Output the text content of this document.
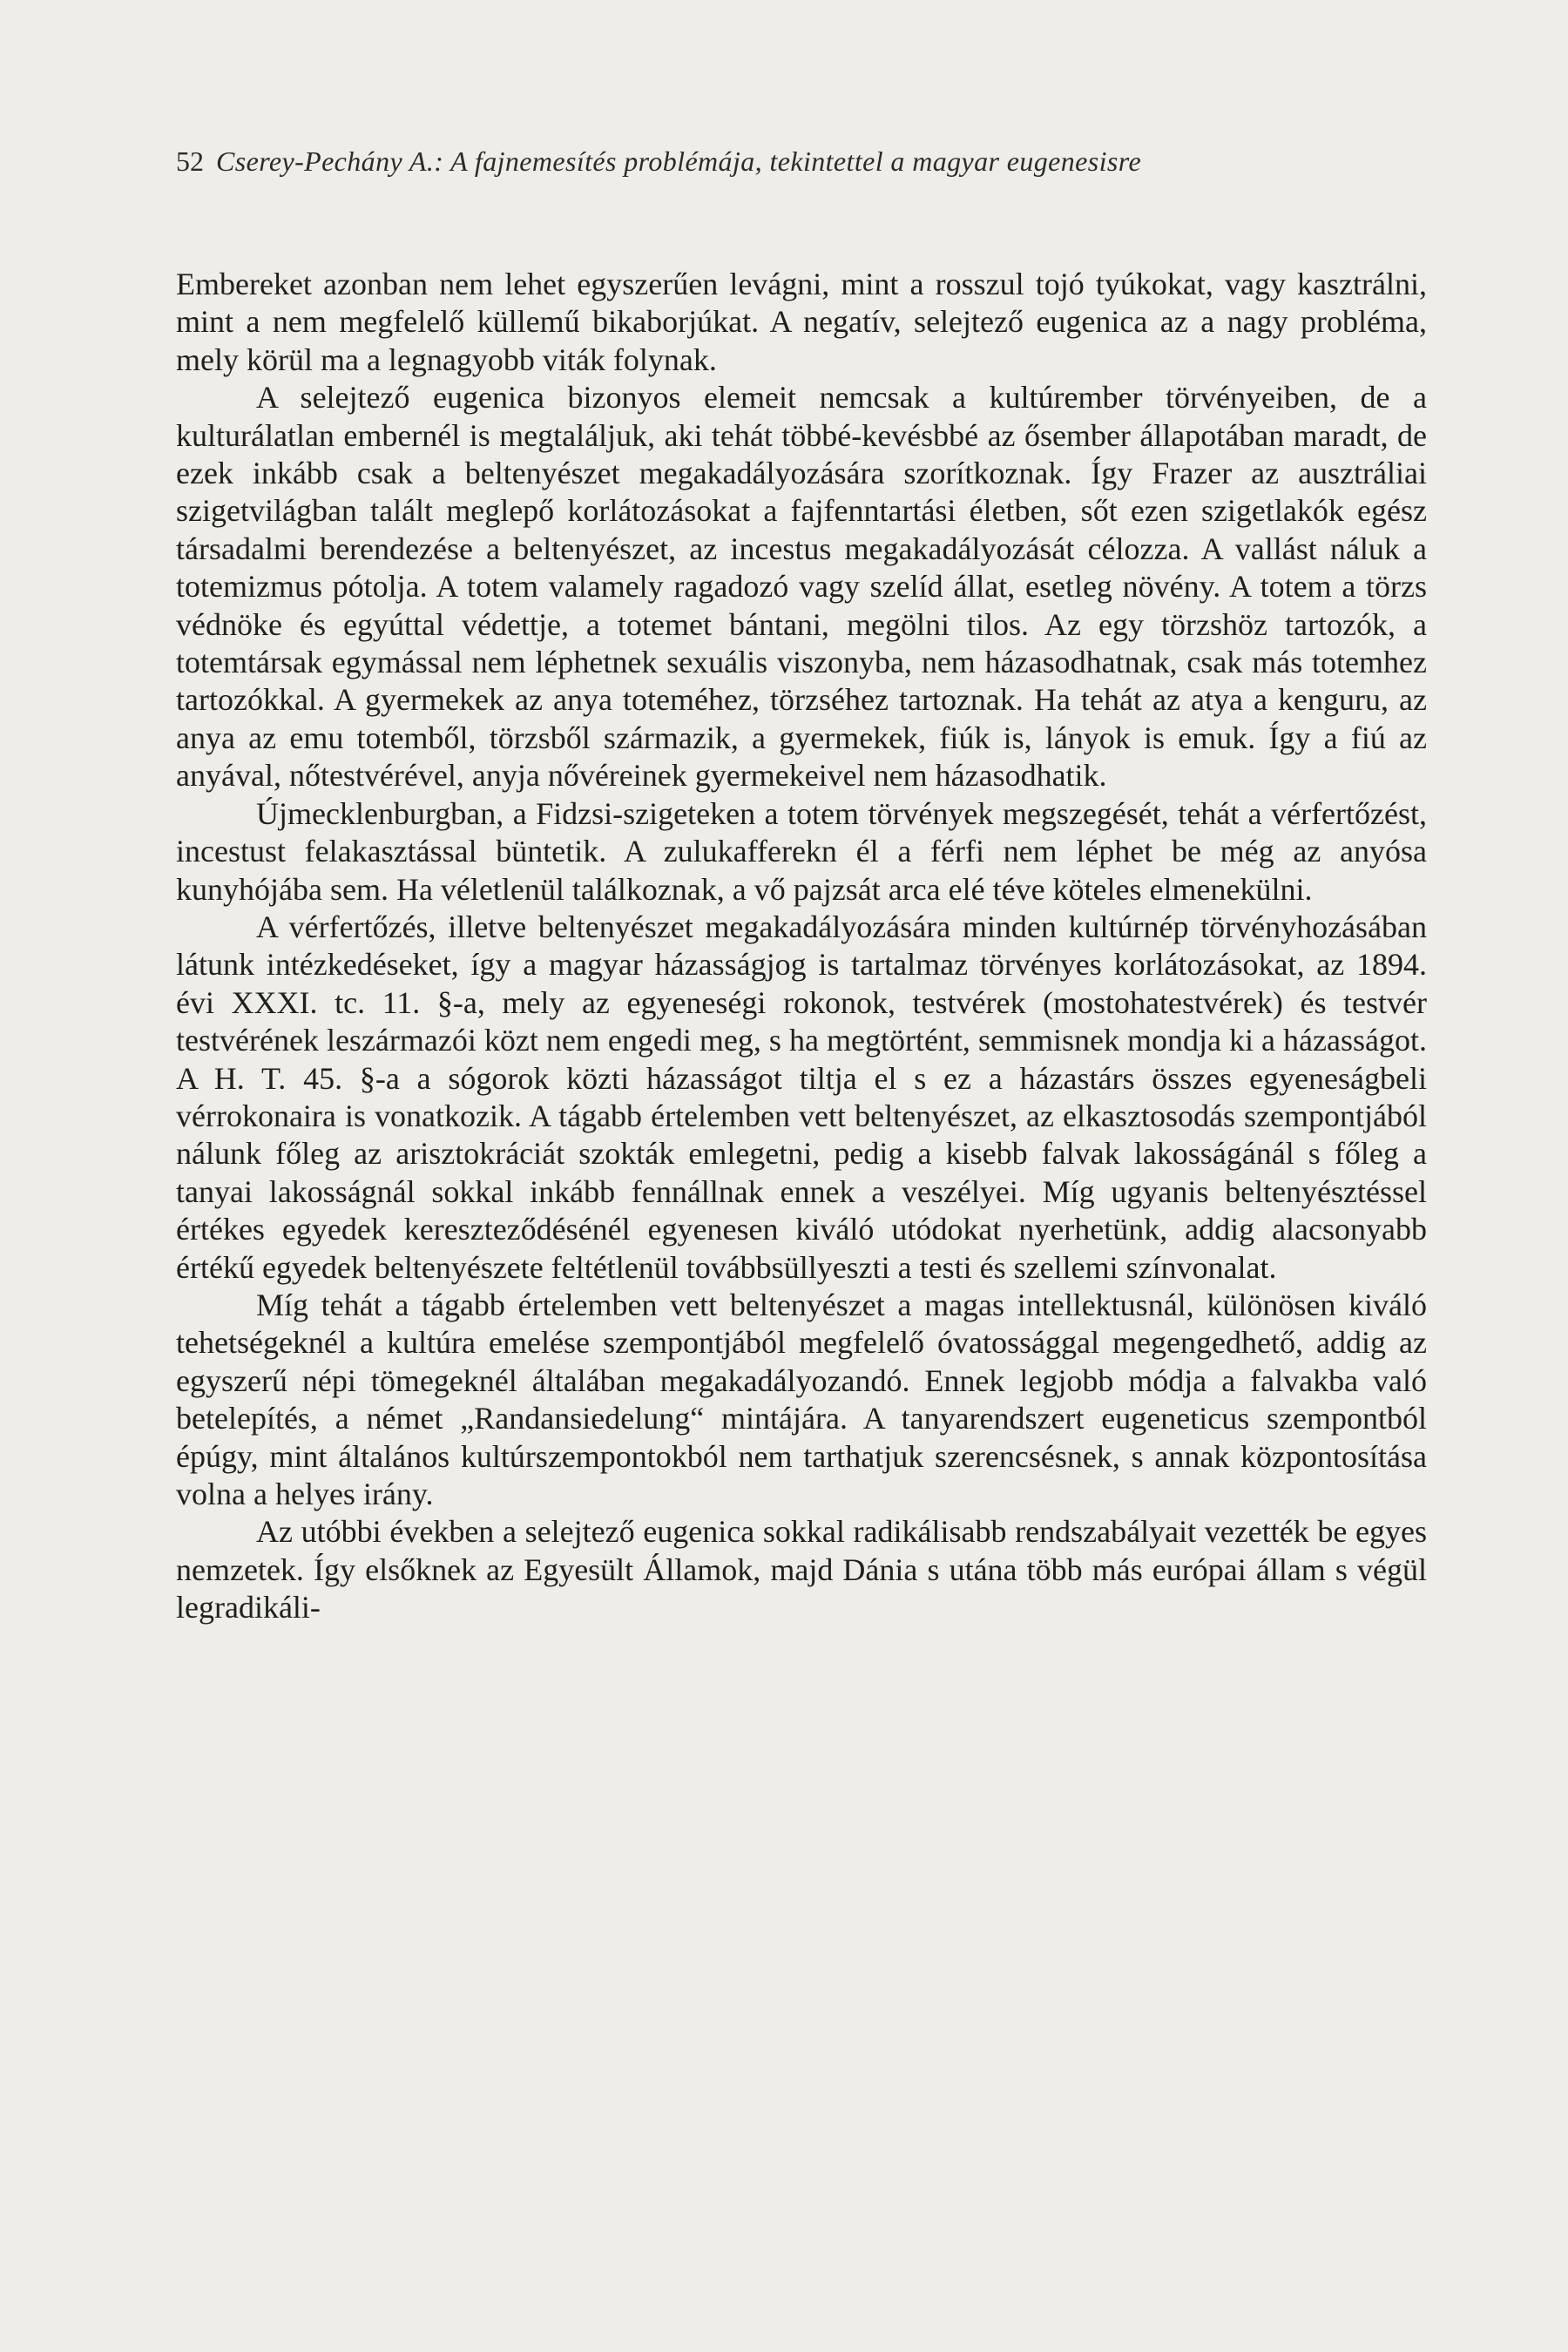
52 Cserey-Pechány A.: A fajnemesítés problémája, tekintettel a magyar eugenesisre

Embereket azonban nem lehet egyszerűen levágni, mint a rosszul tojó tyúkokat, vagy kasztrálni, mint a nem megfelelő küllemű bikaborjúkat. A negatív, selejtező eugenica az a nagy probléma, mely körül ma a legnagyobb viták folynak.

A selejtező eugenica bizonyos elemeit nemcsak a kultúrember törvényeiben, de a kulturálatlan embernél is megtaláljuk, aki tehát többé-kevésbbé az ősember állapotában maradt, de ezek inkább csak a beltenyészet megakadályozására szorítkoznak. Így Frazer az ausztráliai szigetvilágban talált meglepő korlátozásokat a fajfenntartási életben, sőt ezen szigetlakók egész társadalmi berendezése a beltenyészet, az incestus megakadályozását célozza. A vallást náluk a totemizmus pótolja. A totem valamely ragadozó vagy szelíd állat, esetleg növény. A totem a törzs védnöke és egyúttal védettje, a totemet bántani, megölni tilos. Az egy törzshöz tartozók, a totemtársak egymással nem léphetnek sexuális viszonyba, nem házasodhatnak, csak más totemhez tartozókkal. A gyermekek az anya toteméhez, törzséhez tartoznak. Ha tehát az atya a kenguru, az anya az emu totemből, törzsből származik, a gyermekek, fiúk is, lányok is emuk. Így a fiú az anyával, nőtestvérével, anyja nővéreinek gyermekeivel nem házasodhatik.

Újmecklenburgban, a Fidzsi-szigeteken a totem törvények megszegését, tehát a vérfertőzést, incestust felakasztással büntetik. A zulukafferekn él a férfi nem léphet be még az anyósa kunyhójába sem. Ha véletlenül találkoznak, a vő pajzsát arca elé téve köteles elmenekülni.

A vérfertőzés, illetve beltenyészet megakadályozására minden kultúrnép törvényhozásában látunk intézkedéseket, így a magyar házasságjog is tartalmaz törvényes korlátozásokat, az 1894. évi XXXI. tc. 11. §-a, mely az egyeneségi rokonok, testvérek (mostohatestvérek) és testvér testvérének leszármazói közt nem engedi meg, s ha megtörtént, semmisnek mondja ki a házasságot. A H. T. 45. §-a a sógorok közti házasságot tiltja el s ez a házastárs összes egyeneságbeli vérrokonaira is vonatkozik. A tágabb értelemben vett beltenyészet, az elkasztosodás szempontjából nálunk főleg az arisztokráciát szokták emlegetni, pedig a kisebb falvak lakosságánál s főleg a tanyai lakosságnál sokkal inkább fennállnak ennek a veszélyei. Míg ugyanis beltenyésztéssel értékes egyedek kereszteződésénél egyenesen kiváló utódokat nyerhetünk, addig alacsonyabb értékű egyedek beltenyészete feltétlenül továbbsüllyeszti a testi és szellemi színvonalat.

Míg tehát a tágabb értelemben vett beltenyészet a magas intellektusnál, különösen kiváló tehetségeknél a kultúra emelése szempontjából megfelelő óvatossággal megengedhető, addig az egyszerű népi tömegeknél általában megakadályozandó. Ennek legjobb módja a falvakba való betelepítés, a német „Randansiedelung“ mintájára. A tanyarendszert eugeneticus szempontból épúgy, mint általános kultúrszempontokból nem tarthatjuk szerencsésnek, s annak központosítása volna a helyes irány.

Az utóbbi években a selejtező eugenica sokkal radikálisabb rendszabályait vezették be egyes nemzetek. Így elsőknek az Egyesült Államok, majd Dánia s utána több más európai állam s végül legradikáli-
